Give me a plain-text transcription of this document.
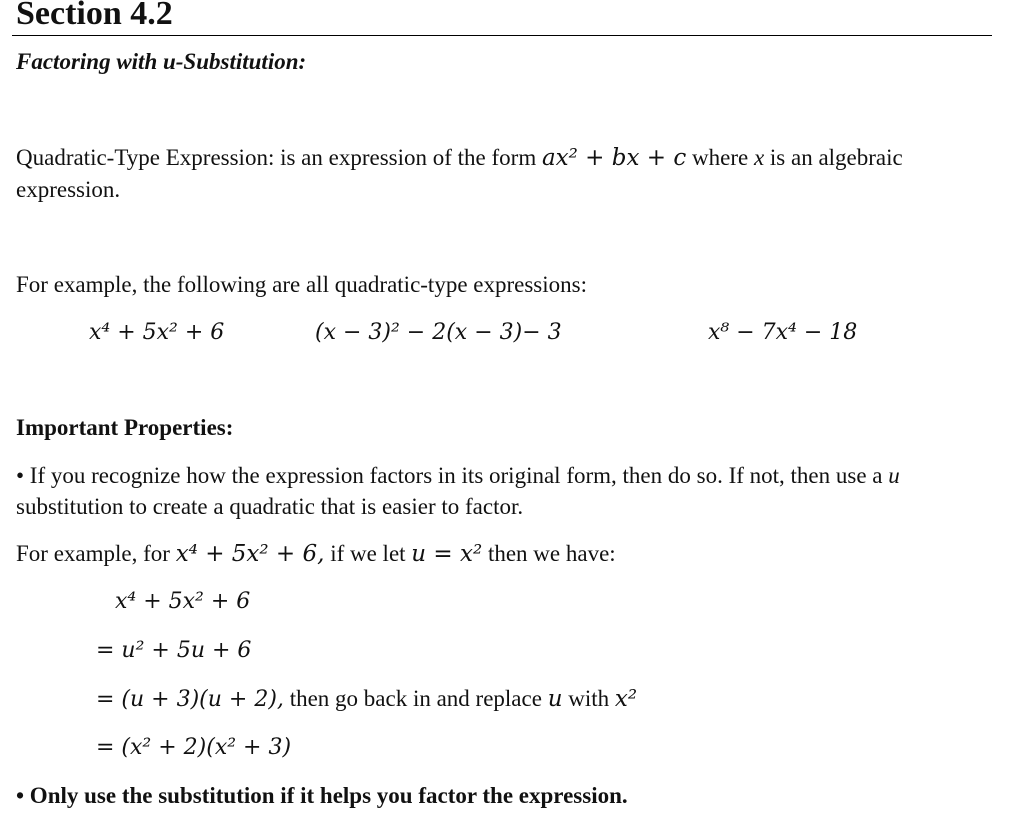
Section 4.2
Factoring with u-Substitution:
Quadratic-Type Expression: is an expression of the form ax² + bx + c where x is an algebraic
expression.
For example, the following are all quadratic-type expressions:
x⁴ + 5x² + 6	(x − 3)² − 2(x − 3)− 3	x⁸ − 7x⁴ − 18
Important Properties:
• If you recognize how the expression factors in its original form, then do so. If not, then use a u
substitution to create a quadratic that is easier to factor.
For example, for x⁴ + 5x² + 6, if we let u = x² then we have:
x⁴ + 5x² + 6
= u² + 5u + 6
= (u + 3)(u + 2), then go back in and replace u with x²
= (x² + 2)(x² + 3)
• Only use the substitution if it helps you factor the expression.
